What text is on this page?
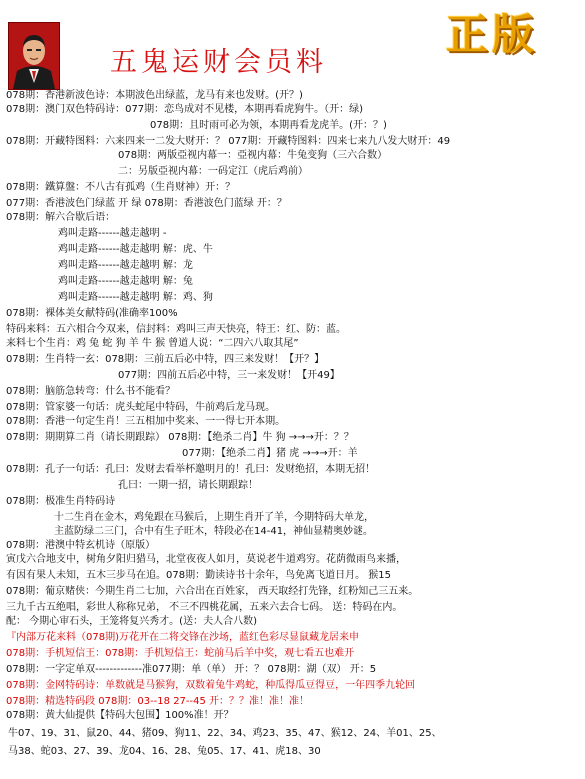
五鬼运财会员料
正版
078期：香港新波色诗：本期波色出绿蓝，龙马有来也发财。(开？)
078期：澳门双色特码诗：077期：恋鸟成对不见楼，本期再看虎狗牛。（开：绿)
078期：且时雨可必为领，本期再看龙虎羊。(开：？)
078期：开藏特图料：六来四来一二发大财开：？ 077期：开藏特图料：四来七来九八发大财开：49
078期：两版亞视内幕一：亞视内幕：牛兔变狗（三六合数）
二：另版亞视内幕：一码定江（虎后鸡前）
078期：鐵算盤：不八古有孤鸡（生肖财神）开：？
077期：香港波色门绿蓝 开 绿 078期：香港波色门蓝绿 开：？
078期：解六合歇后语：
鸡叫走路------越走越明 -
鸡叫走路------越走越明 解：虎、牛
鸡叫走路------越走越明 解：龙
鸡叫走路------越走越明 解：兔
鸡叫走路------越走越明 解：鸡、狗
078期：裸体美女献特码(准确率100%
特码来料：五六相合今双来，信封料：鸡叫三声天快亮，特王：红、防：蓝。
来料七个生肖：鸡 兔 蛇 狗 羊 牛 猴 曾道人说：“二四六八取其尾”
078期：生肖特一玄：078期：三前五后必中特，四三来发财！【开？】
077期：四前五后必中特，三一来发财！【开49】
078期：脑筋急转弯：什么书不能看？
078期：管家婆一句话：虎头蛇尾中特码，牛前鸡后龙马现。
078期：香港一句定生肖！三五相加中奖来、一一得七开本期。
078期：期期算二肖（请长期跟踪） 078期：【绝杀二肖】牛 狗 →→→开：？？
077期：【绝杀二肖】猪 虎 →→→开：羊
078期：孔子一句话：孔曰：发财去看举杯邀明月的！孔曰：发财绝招，本期无招！
孔曰：一期一招，请长期跟踪！
078期：极准生肖特码诗
十二生肖在金木，鸡兔跟在马猴后，上期生肖开了羊，今期特码大单龙，
主蓝防绿二三门，合中有生子旺木，特段必在14-41，神仙显精奥妙谜。
078期：港澳中特玄机诗（原版）
寅戊六合地支中，树角夕阳归猎马，北堂夜夜人如月，莫说老牛道鸡穷。花荫微雨鸟来播，
有因有果人未知，五木三步马在追。078期：勤读诗书十余年，鸟免离飞道日月。 猴15
078期：葡京赌侠：今期生肖二七加，六合出在百姓家， 西天取经打先锋，红粉知己三五来。
三九千古五绝唱，彩世人称称兄弟， 不三不四桃花属，五来六去合七码。 送：特码在内。
配： 今期心审石头，王笼将复兴秀才。(送：夫人合八数)
『内部万花来料（078期)万花开在二将交锋在沙场，蓝红色彩尽显鼠藏龙居来申
078期：手机短信王：078期：手机短信王：蛇前马后羊中奖，观七看五也难开
078期：一字定单双-------------准077期：单（单） 开：？ 078期：湖（双） 开：5
078期：金网特码诗：单数就是马猴狗，双数着兔牛鸡蛇，种瓜得瓜豆得豆，一年四季九轮回
078期：精选特码段 078期：03--18 27--45 开：？？准！准！准！
078期：黄大仙提供【特码大包围】100%准！开？
牛07、19、31、鼠20、44、猪09、狗11、22、34、鸡23、35、47、猴12、24、羊01、25、
马38、蛇03、27、39、龙04、16、28、兔05、17、41、虎18、30
